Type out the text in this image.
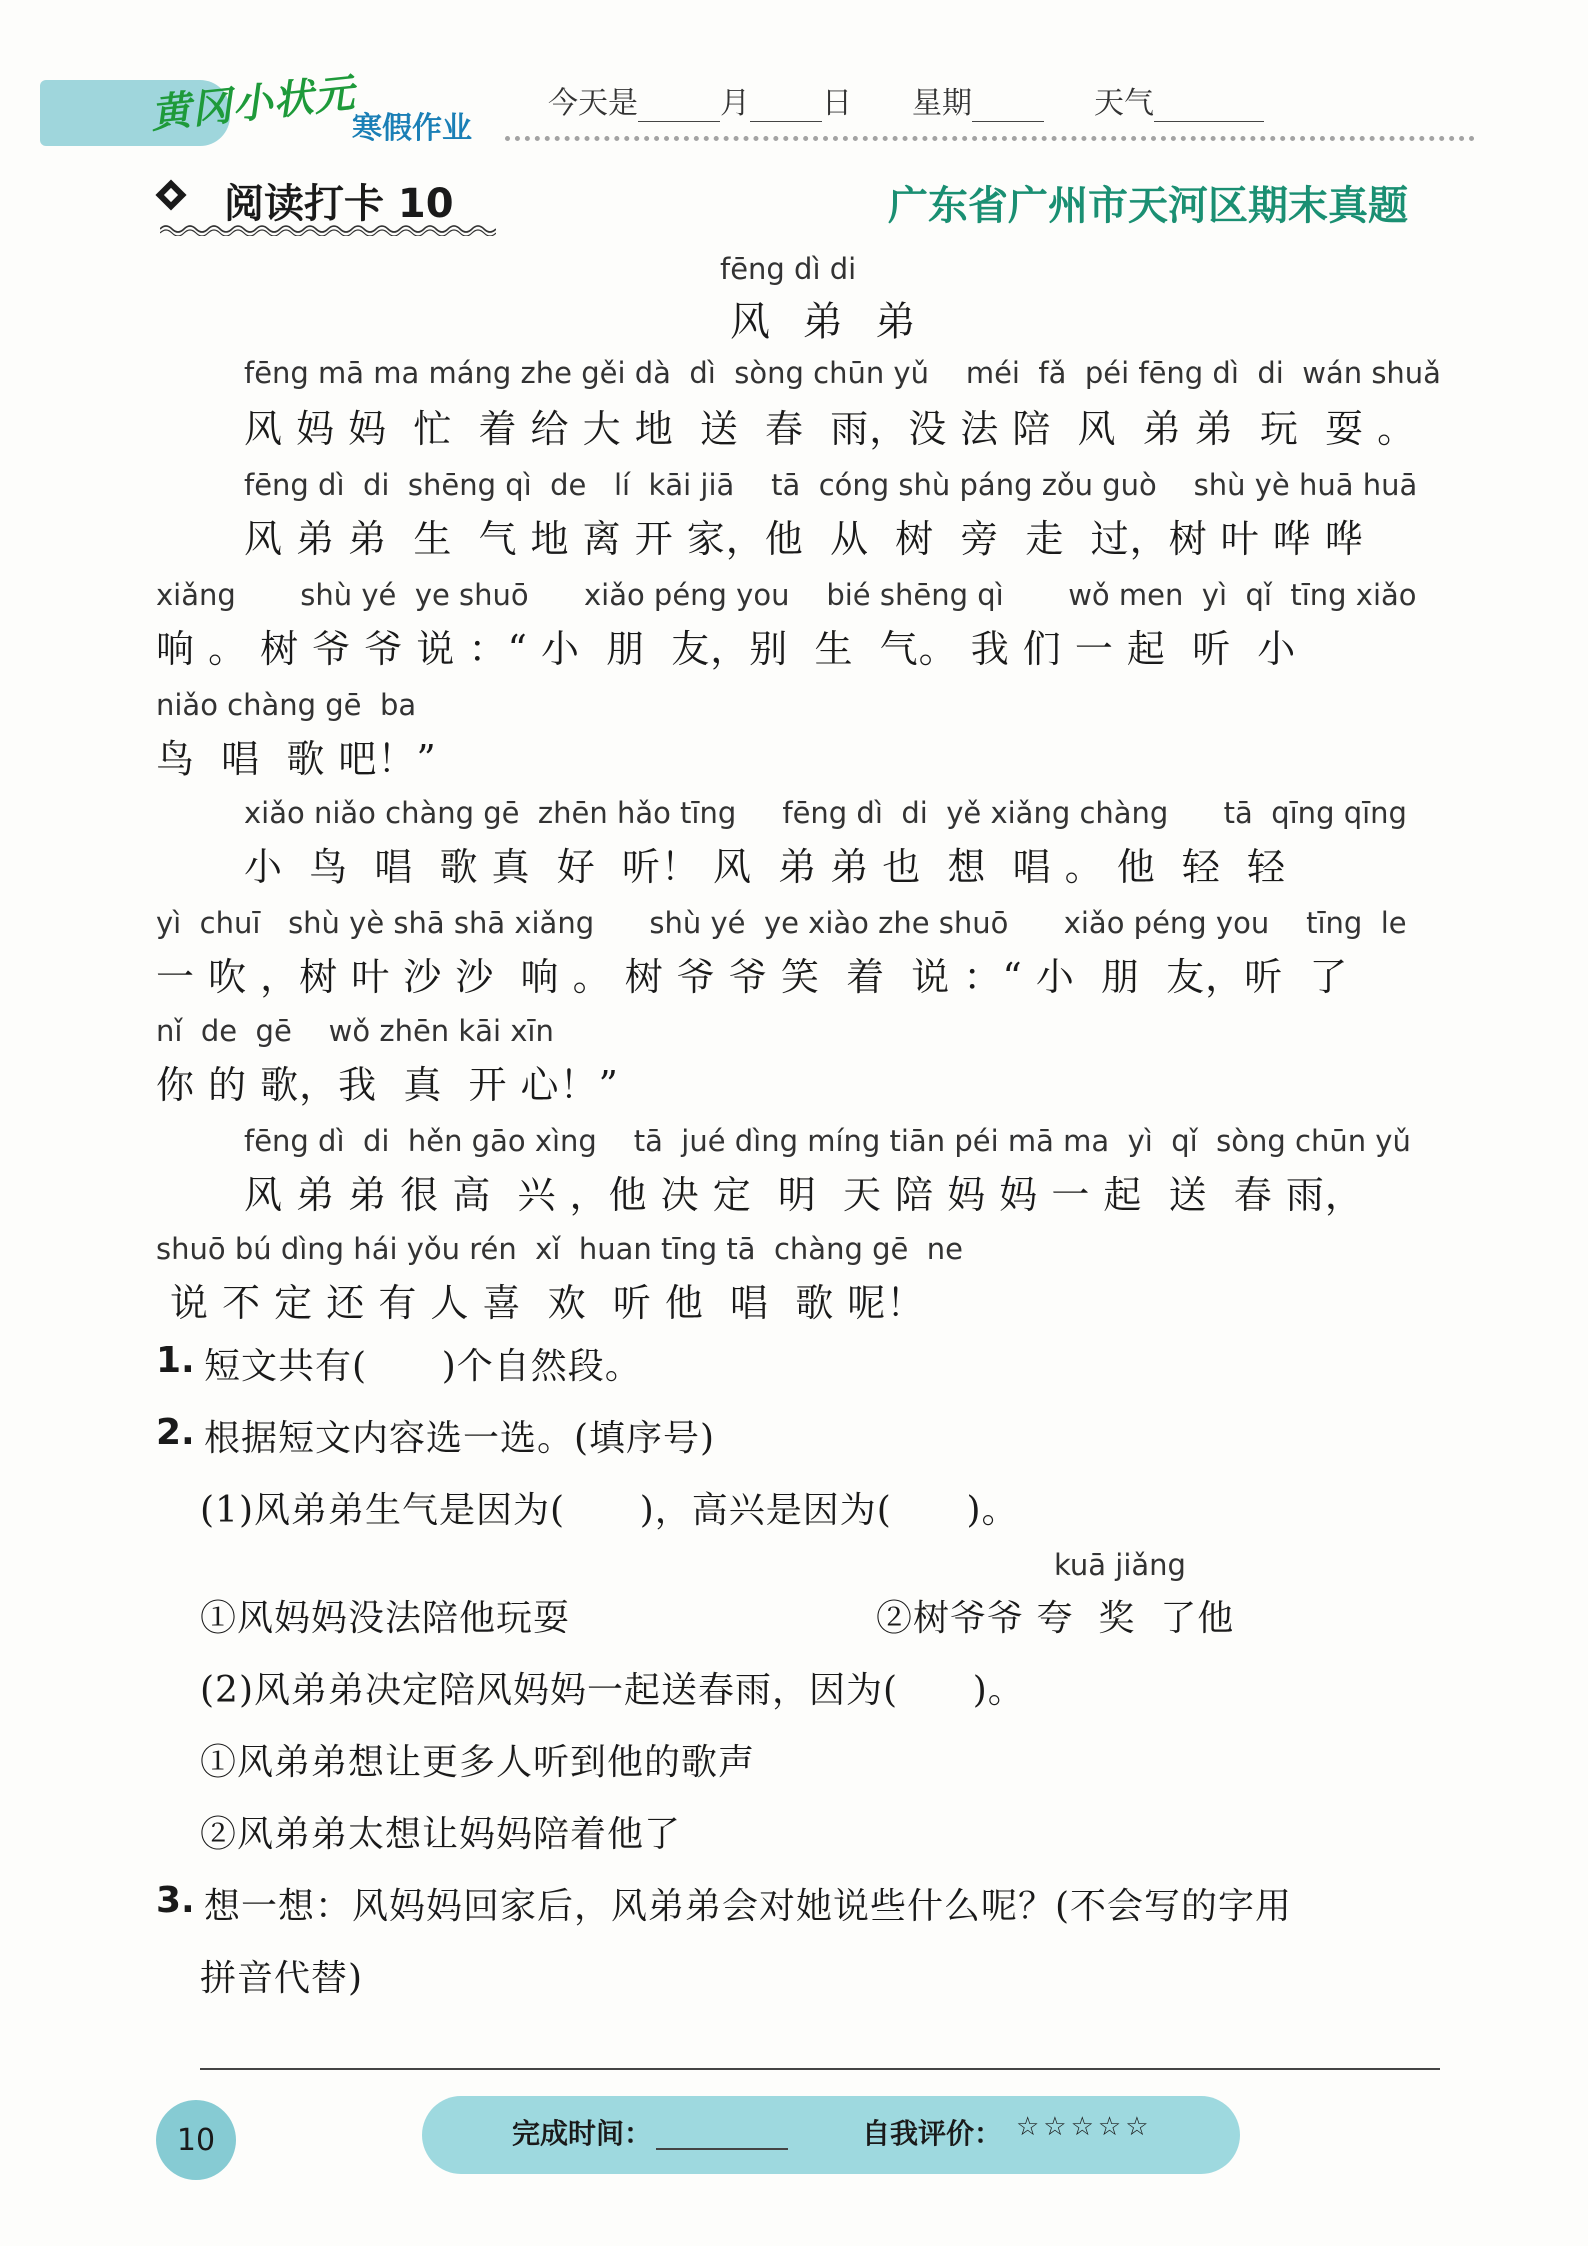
黄冈小状元
寒假作业
今天是	月 日 星期	天气
阅读打卡 10	广东省广州市天河区期末真题
fēng dì di
风 弟 弟
fēng mā ma máng zhe gěi dà  dì  sòng chūn yǔ    méi  fǎ  péi fēng dì  di  wán shuǎ
风 妈 妈  忙  着 给 大 地  送  春  雨，没 法 陪  风  弟 弟  玩  耍 。
fēng dì  di  shēng qì  de   lí  kāi jiā    tā  cóng shù páng zǒu guò    shù yè huā huā
风 弟 弟  生  气 地 离 开 家，他  从  树  旁  走  过，树 叶 哗 哗
xiǎng       shù yé  ye shuō      xiǎo péng you    bié shēng qì       wǒ men  yì  qǐ  tīng xiǎo
响 。 树 爷 爷 说 ：“ 小  朋  友，别  生  气。 我 们 一 起  听  小
niǎo chàng gē  ba
鸟  唱  歌 吧！”
xiǎo niǎo chàng gē  zhēn hǎo tīng     fēng dì  di  yě xiǎng chàng      tā  qīng qīng
小  鸟  唱  歌 真  好  听！ 风  弟 弟 也  想  唱 。 他  轻  轻
yì  chuī   shù yè shā shā xiǎng      shù yé  ye xiào zhe shuō      xiǎo péng you    tīng  le
一 吹 ，树 叶 沙 沙  响 。 树 爷 爷 笑  着  说 ：“ 小  朋  友，听  了
nǐ  de  gē    wǒ zhēn kāi xīn
你 的 歌，我  真  开 心！”
fēng dì  di  hěn gāo xìng    tā  jué dìng míng tiān péi mā ma  yì  qǐ  sòng chūn yǔ
风 弟 弟 很 高  兴 ，他 决 定  明  天 陪 妈 妈 一 起  送  春 雨，
shuō bú dìng hái yǒu rén  xǐ  huan tīng tā  chàng gē  ne
说 不 定 还 有 人 喜  欢  听 他  唱  歌 呢！
1. 短文共有(      )个自然段。
2. 根据短文内容选一选。(填序号)
(1)风弟弟生气是因为(      )，高兴是因为(      )。
kuā jiǎng
①风妈妈没法陪他玩耍	②树爷爷 夸  奖  了他
(2)风弟弟决定陪风妈妈一起送春雨，因为(      )。
①风弟弟想让更多人听到他的歌声
②风弟弟太想让妈妈陪着他了
3. 想一想：风妈妈回家后，风弟弟会对她说些什么呢？(不会写的字用
拼音代替)
10	完成时间：	自我评价： ☆☆☆☆☆
